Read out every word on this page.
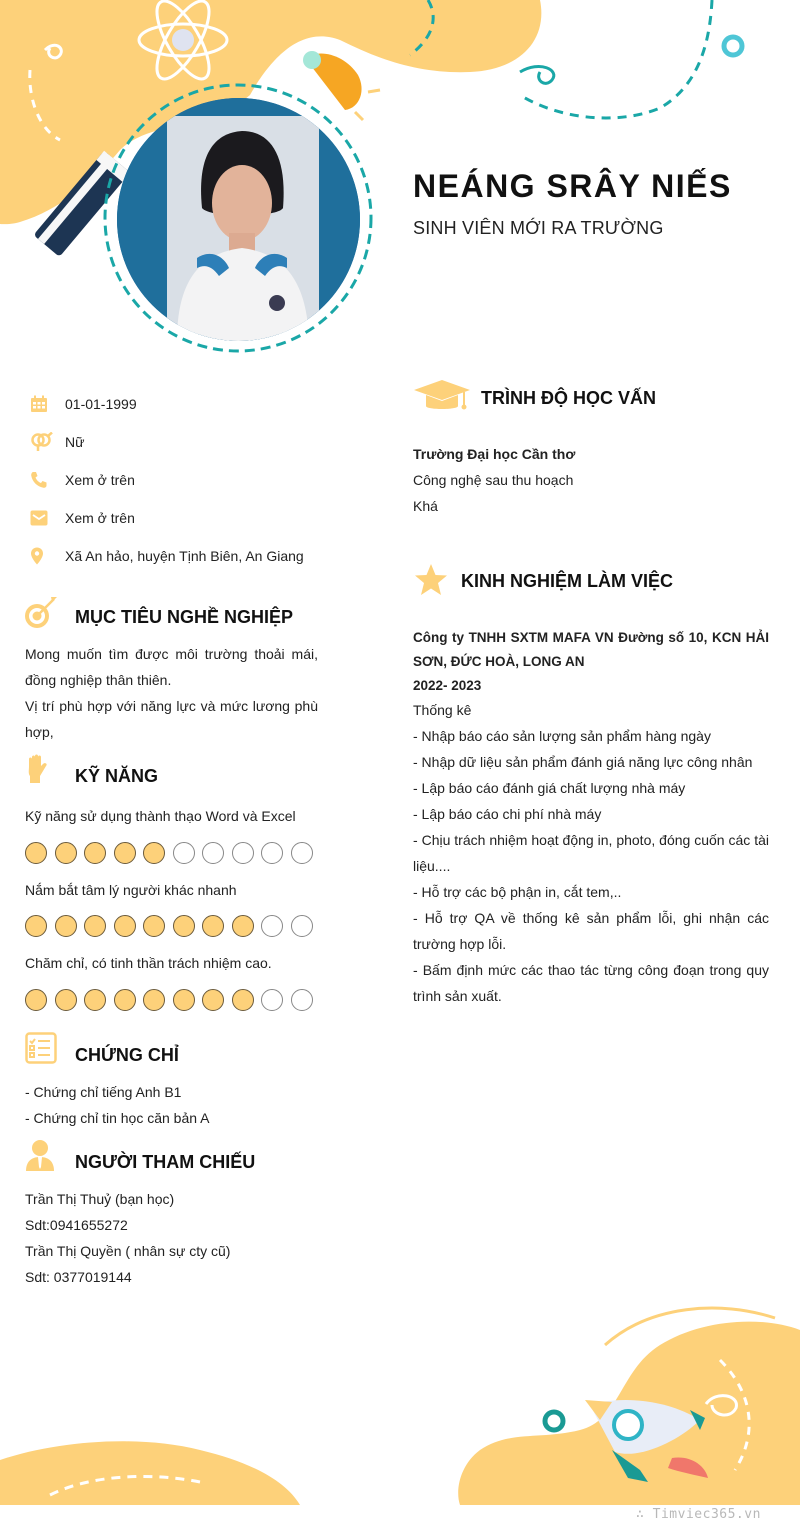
NEÁNG SRÂY NIẾS
SINH VIÊN MỚI RA TRƯỜNG
01-01-1999
Nữ
Xem ở trên
Xem ở trên
Xã An hảo, huyện Tịnh Biên, An Giang
MỤC TIÊU NGHỀ NGHIỆP
Mong muốn tìm được môi trường thoải mái, đồng nghiệp thân thiên.
Vị trí phù hợp với năng lực và mức lương phù hợp,
KỸ NĂNG
Kỹ năng sử dụng thành thạo Word và Excel
Nắm bắt tâm lý người khác nhanh
Chăm chỉ, có tinh thần trách nhiệm cao.
CHỨNG CHỈ
- Chứng chỉ tiếng Anh B1
- Chứng chỉ tin học căn bản A
NGƯỜI THAM CHIẾU
Trần Thị Thuỷ (bạn học)
Sdt:0941655272
Trần Thị Quyền ( nhân sự cty cũ)
Sdt: 0377019144
TRÌNH ĐỘ HỌC VẤN
Trường Đại học Cần thơ
Công nghệ sau thu hoạch
Khá
KINH NGHIỆM LÀM VIỆC
Công ty TNHH SXTM MAFA VN Đường số 10, KCN HẢI SƠN, ĐỨC HOÀ, LONG AN
2022- 2023
Thống kê
- Nhập báo cáo sản lượng sản phẩm hàng ngày
- Nhập dữ liệu sản phẩm đánh giá năng lực công nhân
- Lập báo cáo đánh giá chất lượng nhà máy
- Lập báo cáo chi phí nhà máy
- Chịu trách nhiệm hoạt động in, photo, đóng cuốn các tài liệu....
- Hỗ trợ các bộ phận in, cắt tem,..
- Hỗ trợ QA về thống kê sản phẩm lỗi, ghi nhận các trường hợp lỗi.
- Bấm định mức các thao tác từng công đoạn trong quy trình sản xuất.
∴ Timviec365.vn
